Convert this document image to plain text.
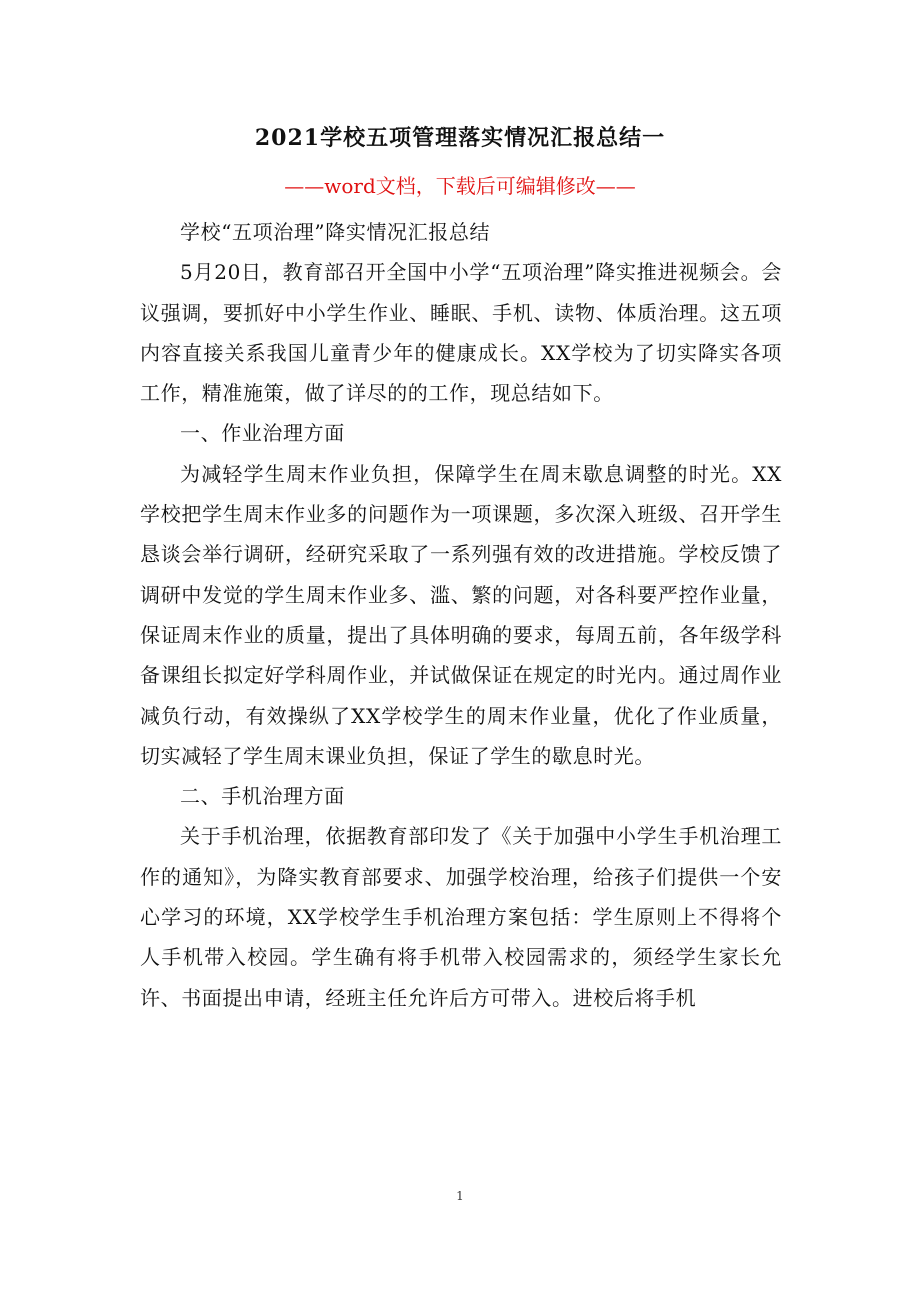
2021学校五项管理落实情况汇报总结一
——word文档，下载后可编辑修改——

学校“五项治理”降实情况汇报总结

5月20日，教育部召开全国中小学“五项治理”降实推进视频会。会议强调，要抓好中小学生作业、睡眠、手机、读物、体质治理。这五项内容直接关系我国儿童青少年的健康成长。XX学校为了切实降实各项工作，精准施策，做了详尽的的工作，现总结如下。

一、作业治理方面

为减轻学生周末作业负担，保障学生在周末歇息调整的时光。XX学校把学生周末作业多的问题作为一项课题，多次深入班级、召开学生恳谈会举行调研，经研究采取了一系列强有效的改进措施。学校反馈了调研中发觉的学生周末作业多、滥、繁的问题，对各科要严控作业量，保证周末作业的质量，提出了具体明确的要求，每周五前，各年级学科备课组长拟定好学科周作业，并试做保证在规定的时光内。通过周作业减负行动，有效操纵了XX学校学生的周末作业量，优化了作业质量，切实减轻了学生周末课业负担，保证了学生的歇息时光。

二、手机治理方面

关于手机治理，依据教育部印发了《关于加强中小学生手机治理工作的通知》，为降实教育部要求、加强学校治理，给孩子们提供一个安心学习的环境，XX学校学生手机治理方案包括：学生原则上不得将个人手机带入校园。学生确有将手机带入校园需求的，须经学生家长允许、书面提出申请，经班主任允许后方可带入。进校后将手机

1
